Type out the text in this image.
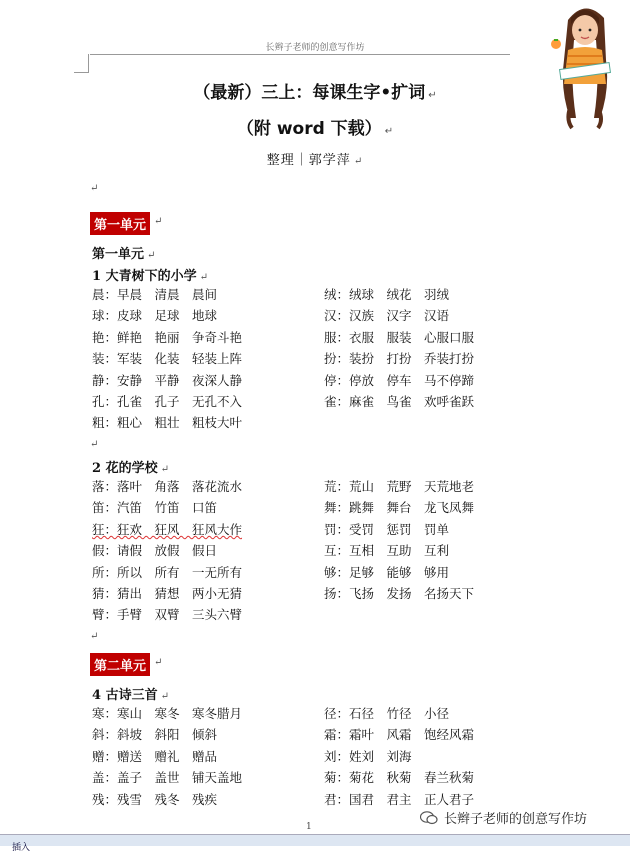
长辫子老师的创意写作坊
（最新）三上：每课生字•扩词 ↵
（附 word 下载） ↵
整理｜郭学萍 ↵
↵
第一单元 ↵
第一单元 ↵
1 大青树下的小学 ↵
晨：早晨　清晨　晨间
球：皮球　足球　地球
艳：鲜艳　艳丽　争奇斗艳
装：军装　化装　轻装上阵
静：安静　平静　夜深人静
孔：孔雀　孔子　无孔不入
粗：粗心　粗壮　粗枝大叶
绒：绒球　绒花　羽绒
汉：汉族　汉字　汉语
服：衣服　服装　心服口服
扮：装扮　打扮　乔装打扮
停：停放　停车　马不停蹄
雀：麻雀　鸟雀　欢呼雀跃
↵
2 花的学校 ↵
落：落叶　角落　落花流水
笛：汽笛　竹笛　口笛
狂：狂欢　狂风　狂风大作
假：请假　放假　假日
所：所以　所有　一无所有
猜：猜出　猜想　两小无猜
臂：手臂　双臂　三头六臂
荒：荒山　荒野　天荒地老
舞：跳舞　舞台　龙飞凤舞
罚：受罚　惩罚　罚单
互：互相　互助　互利
够：足够　能够　够用
扬：飞扬　发扬　名扬天下
↵
第二单元 ↵
4 古诗三首 ↵
寒：寒山　寒冬　寒冬腊月
斜：斜坡　斜阳　倾斜
赠：赠送　赠礼　赠品
盖：盖子　盖世　铺天盖地
残：残雪　残冬　残疾
径：石径　竹径　小径
霜：霜叶　风霜　饱经风霜
刘：姓刘　刘海
菊：菊花　秋菊　春兰秋菊
君：国君　君主　正人君子
长辫子老师的创意写作坊
1
插入
